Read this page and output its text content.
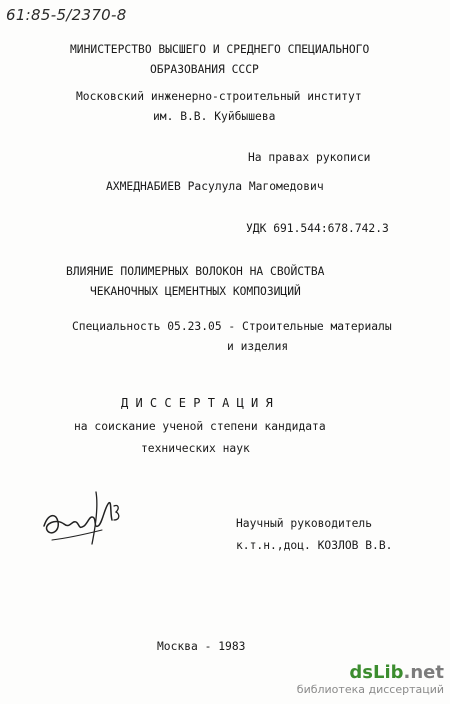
61:85-5/2370-8
МИНИСТЕРСТВО ВЫСШЕГО И СРЕДНЕГО СПЕЦИАЛЬНОГО
ОБРАЗОВАНИЯ СССР
Московский инженерно-строительный институт
им. В.В. Куйбышева
На правах рукописи
АХМЕДНАБИЕВ Расулула Магомедович
УДК 691.544:678.742.3
ВЛИЯНИЕ ПОЛИМЕРНЫХ ВОЛОКОН НА СВОЙСТВА
ЧЕКАНОЧНЫХ ЦЕМЕНТНЫХ КОМПОЗИЦИЙ
Специальность 05.23.05 - Строительные материалы
и изделия
Д И С С Е Р Т А Ц И Я
на соискание ученой степени кандидата
технических наук
Научный руководитель
к.т.н.,доц. КОЗЛОВ В.В.
Москва - 1983
dsLib.net
библиотека диссертаций
